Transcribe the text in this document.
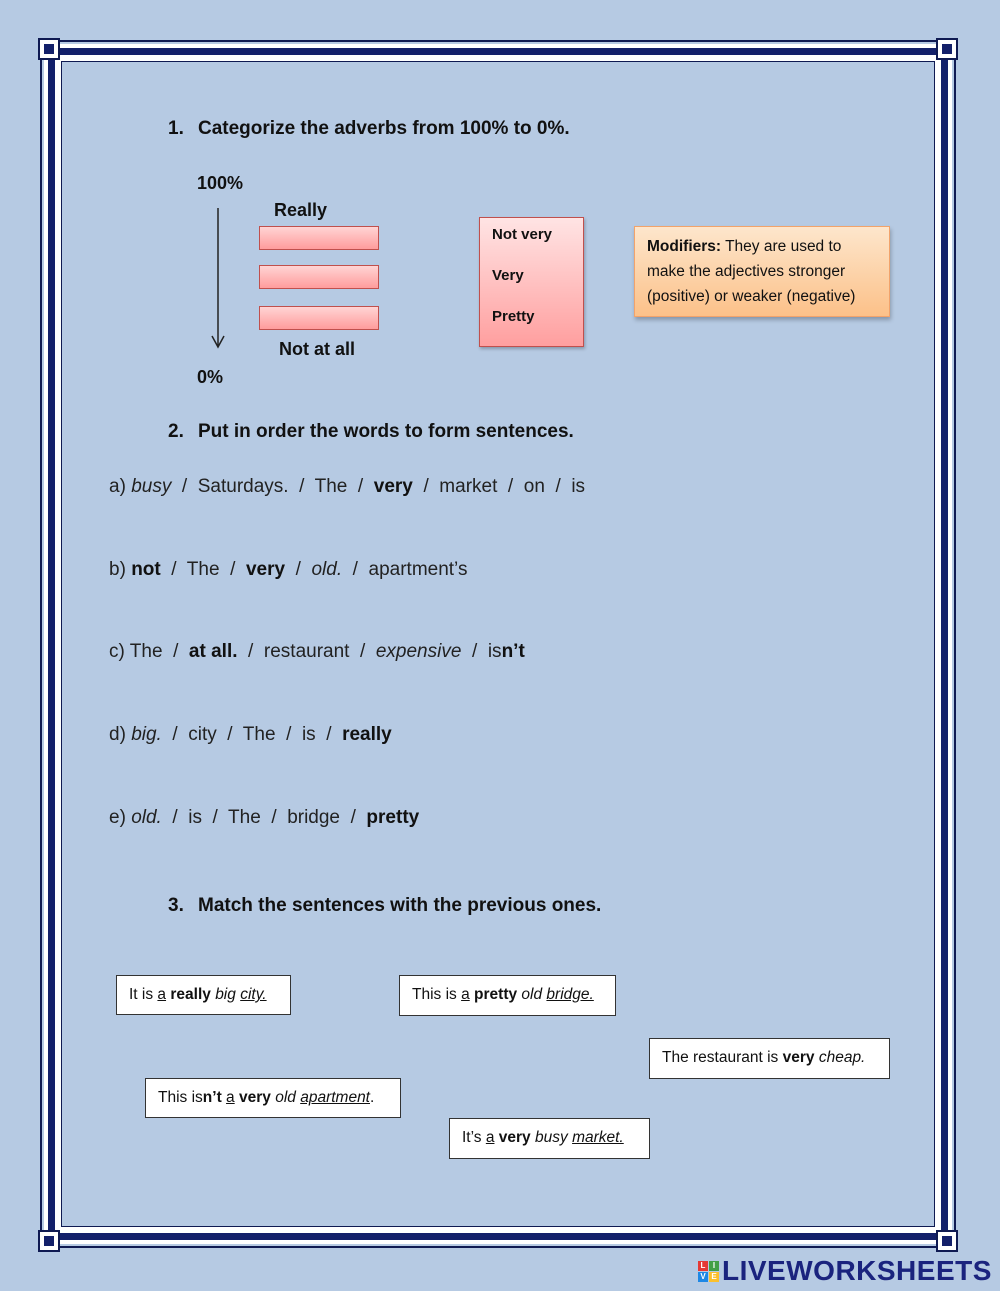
1. Categorize the adverbs from 100% to 0%.
100%
0%
Really
Not at all
Not very
Very
Pretty
Modifiers: They are used to make the adjectives stronger (positive) or weaker (negative)
2. Put in order the words to form sentences.
a) busy  /  Saturdays.  /  The  /  very  /  market  /  on  /  is
b) not  /  The  /  very  /  old.  /  apartment’s
c) The  /  at all.  /  restaurant  /  expensive  /  isn’t
d) big.  /  city  /  The  /  is  /  really
e) old.  /  is  /  The  /  bridge  /  pretty
3. Match the sentences with the previous ones.
It is a really big city.	This is a pretty old bridge.
The restaurant is very cheap.
This isn’t a very old apartment.
It’s a very busy market.
L I
V E LIVEWORKSHEETS
